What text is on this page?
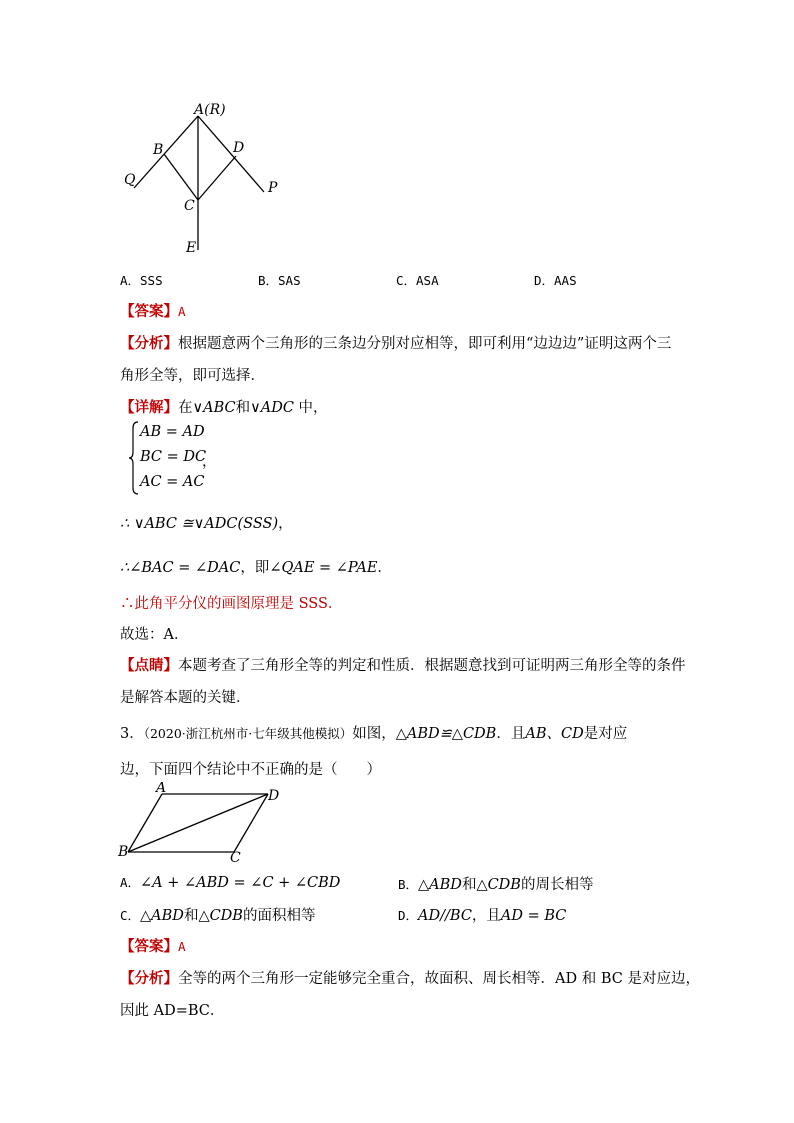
A(R)
B	D
Q
C
P
E
A．SSS	B．SAS	C．ASA	D．AAS
【答案】A
【分析】根据题意两个三角形的三条边分别对应相等，即可利用“边边边”证明这两个三
角形全等，即可选择．
【详解】在∨ABC和∨ADC 中，
AB = AD
BC = DC
AC = AC
，
∴ ∨ABC ≅∨ADC(SSS)，
∴∠BAC = ∠DAC，即∠QAE = ∠PAE．
∴此角平分仪的画图原理是 SSS．
故选：A．
【点睛】本题考查了三角形全等的判定和性质．根据题意找到可证明两三角形全等的条件
是解答本题的关键．
3．（2020·浙江杭州市·七年级其他模拟）如图，△ABD≌△CDB．且AB、CD是对应
边，下面四个结论中不正确的是（　　）
A	D
B	C
A．∠A + ∠ABD = ∠C + ∠CBD	B．△ABD和△CDB的周长相等
C．△ABD和△CDB的面积相等	D．AD//BC，且AD = BC
【答案】A
【分析】全等的两个三角形一定能够完全重合，故面积、周长相等．AD 和 BC 是对应边，
因此 AD=BC．
